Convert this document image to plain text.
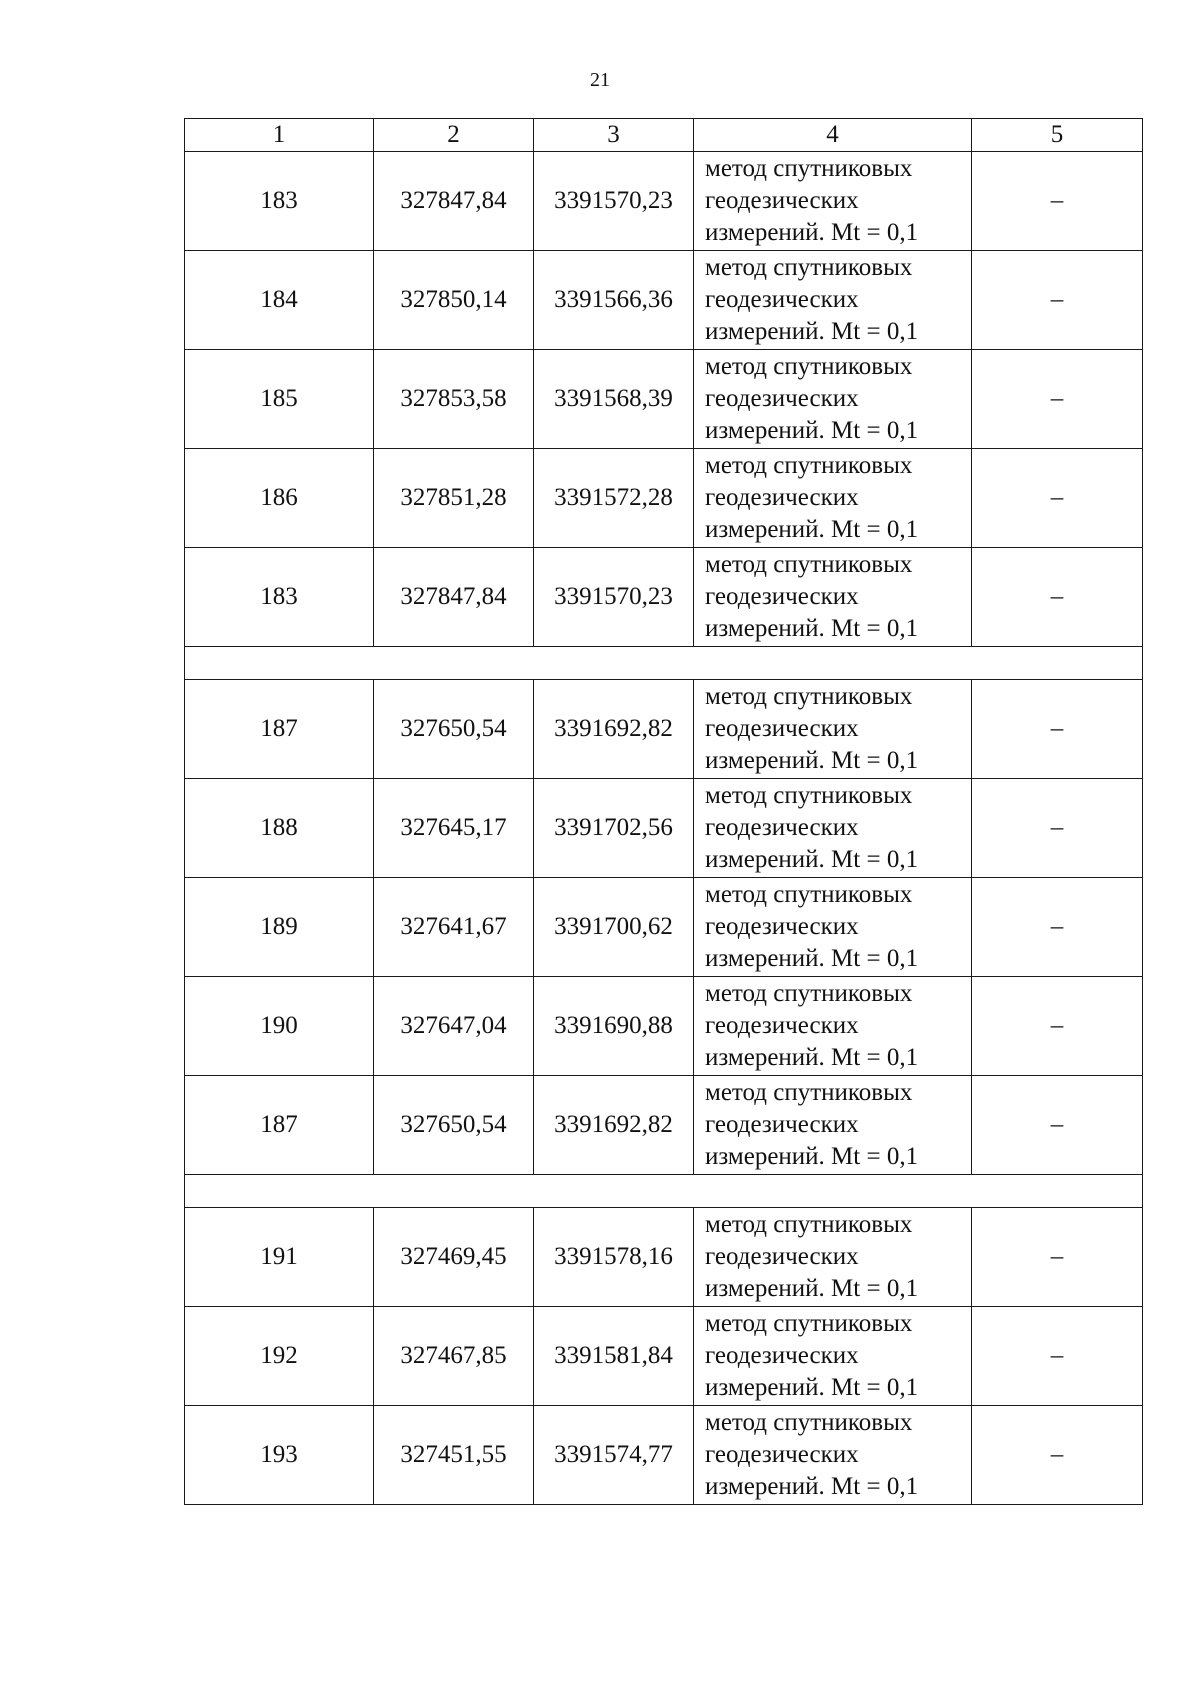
21
1	2	3	4	5
183	327847,84	3391570,23	метод спутниковых
геодезических
измерений. Mt = 0,1	–
184	327850,14	3391566,36	метод спутниковых
геодезических
измерений. Mt = 0,1	–
185	327853,58	3391568,39	метод спутниковых
геодезических
измерений. Mt = 0,1	–
186	327851,28	3391572,28	метод спутниковых
геодезических
измерений. Mt = 0,1	–
183	327847,84	3391570,23	метод спутниковых
геодезических
измерений. Mt = 0,1	–

187	327650,54	3391692,82	метод спутниковых
геодезических
измерений. Mt = 0,1	–
188	327645,17	3391702,56	метод спутниковых
геодезических
измерений. Mt = 0,1	–
189	327641,67	3391700,62	метод спутниковых
геодезических
измерений. Mt = 0,1	–
190	327647,04	3391690,88	метод спутниковых
геодезических
измерений. Mt = 0,1	–
187	327650,54	3391692,82	метод спутниковых
геодезических
измерений. Mt = 0,1	–

191	327469,45	3391578,16	метод спутниковых
геодезических
измерений. Mt = 0,1	–
192	327467,85	3391581,84	метод спутниковых
геодезических
измерений. Mt = 0,1	–
193	327451,55	3391574,77	метод спутниковых
геодезических
измерений. Mt = 0,1	–
